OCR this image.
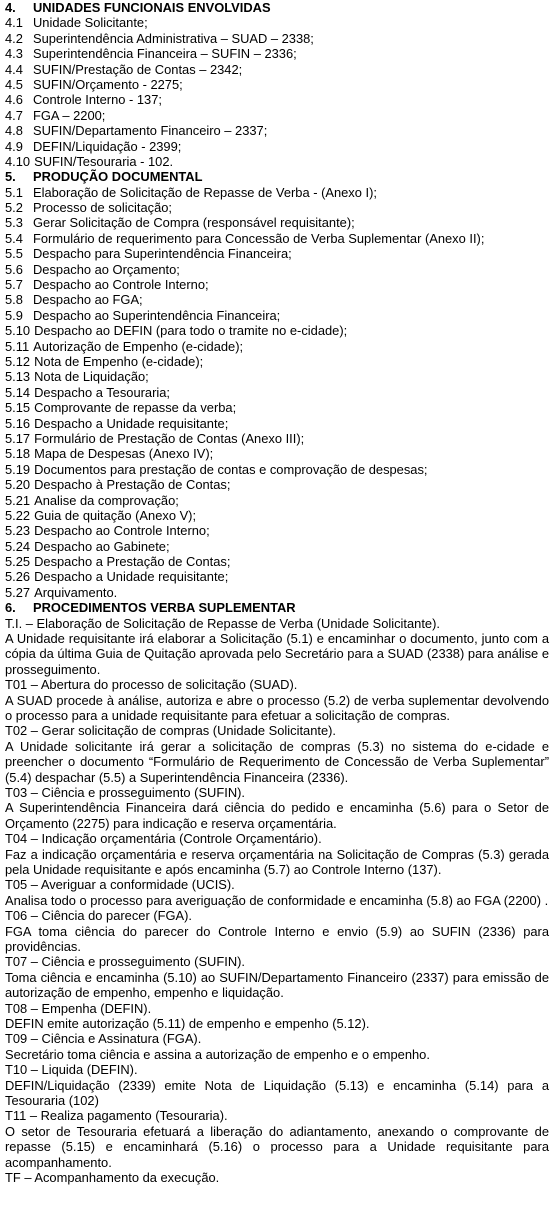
4. UNIDADES FUNCIONAIS ENVOLVIDAS
4.1 Unidade Solicitante;
4.2 Superintendência Administrativa – SUAD – 2338;
4.3 Superintendência Financeira – SUFIN – 2336;
4.4 SUFIN/Prestação de Contas – 2342;
4.5 SUFIN/Orçamento - 2275;
4.6 Controle Interno - 137;
4.7 FGA – 2200;
4.8 SUFIN/Departamento Financeiro – 2337;
4.9 DEFIN/Liquidação - 2399;
4.10 SUFIN/Tesouraria - 102.
5. PRODUÇÃO DOCUMENTAL
5.1 Elaboração de Solicitação de Repasse de Verba - (Anexo I);
5.2 Processo de solicitação;
5.3 Gerar Solicitação de Compra (responsável requisitante);
5.4 Formulário de requerimento para Concessão de Verba Suplementar (Anexo II);
5.5 Despacho para Superintendência Financeira;
5.6 Despacho ao Orçamento;
5.7 Despacho ao Controle Interno;
5.8 Despacho ao FGA;
5.9 Despacho ao Superintendência Financeira;
5.10 Despacho ao DEFIN (para todo o tramite no e-cidade);
5.11 Autorização de Empenho (e-cidade);
5.12 Nota de Empenho (e-cidade);
5.13 Nota de Liquidação;
5.14 Despacho a Tesouraria;
5.15 Comprovante de repasse da verba;
5.16 Despacho a Unidade requisitante;
5.17 Formulário de Prestação de Contas (Anexo III);
5.18 Mapa de Despesas (Anexo IV);
5.19 Documentos para prestação de contas e comprovação de despesas;
5.20 Despacho à Prestação de Contas;
5.21 Analise da comprovação;
5.22 Guia de quitação (Anexo V);
5.23 Despacho ao Controle Interno;
5.24 Despacho ao Gabinete;
5.25 Despacho a Prestação de Contas;
5.26 Despacho a Unidade requisitante;
5.27 Arquivamento.
6. PROCEDIMENTOS VERBA SUPLEMENTAR
T.I. – Elaboração de Solicitação de Repasse de Verba (Unidade Solicitante).
A Unidade requisitante irá elaborar a Solicitação (5.1) e encaminhar o documento, junto com a cópia da última Guia de Quitação aprovada pelo Secretário para a SUAD (2338) para análise e prosseguimento.
T01 – Abertura do processo de solicitação (SUAD).
A SUAD procede à análise, autoriza e abre o processo (5.2) de verba suplementar devolvendo o processo para a unidade requisitante para efetuar a solicitação de compras.
T02 – Gerar solicitação de compras (Unidade Solicitante).
A Unidade solicitante irá gerar a solicitação de compras (5.3) no sistema do e-cidade e preencher o documento “Formulário de Requerimento de Concessão de Verba Suplementar” (5.4) despachar (5.5) a Superintendência Financeira (2336).
T03 – Ciência e prosseguimento (SUFIN).
A Superintendência Financeira dará ciência do pedido e encaminha (5.6) para o Setor de Orçamento (2275) para indicação e reserva orçamentária.
T04 – Indicação orçamentária (Controle Orçamentário).
Faz a indicação orçamentária e reserva orçamentária na Solicitação de Compras (5.3) gerada pela Unidade requisitante e após encaminha (5.7) ao Controle Interno (137).
T05 – Averiguar a conformidade (UCIS).
Analisa todo o processo para averiguação de conformidade e encaminha (5.8) ao FGA (2200) .
T06 – Ciência do parecer (FGA).
FGA toma ciência do parecer do Controle Interno e envio (5.9) ao SUFIN (2336) para providências.
T07 – Ciência e prosseguimento (SUFIN).
Toma ciência e encaminha (5.10) ao SUFIN/Departamento Financeiro (2337) para emissão de autorização de empenho, empenho e liquidação.
T08 – Empenha (DEFIN).
DEFIN emite autorização (5.11) de empenho e empenho (5.12).
T09 – Ciência e Assinatura (FGA).
Secretário toma ciência e assina a autorização de empenho e o empenho.
T10 – Liquida (DEFIN).
DEFIN/Liquidação (2339) emite Nota de Liquidação (5.13) e encaminha (5.14) para a Tesouraria (102)
T11 – Realiza pagamento (Tesouraria).
O setor de Tesouraria efetuará a liberação do adiantamento, anexando o comprovante de repasse (5.15) e encaminhará (5.16) o processo para a Unidade requisitante para acompanhamento.
TF – Acompanhamento da execução.
